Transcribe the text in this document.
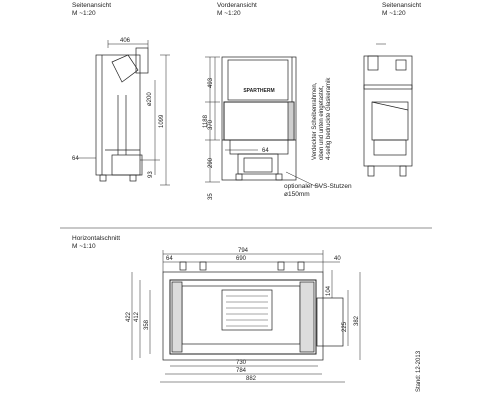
Seitenansicht
M ~1:20
Vorderansicht
M ~1:20
Seitenansicht
M ~1:20
Horizontalschnitt
M ~1:10
406
ø200
1099
93
64
493
370
290
1188
35
64
SPARTHERM
794
64	690	40
422 412
358
104
225
382
730
784
882
Verdeckter Scheibenrahmen, oben und unten eingetastet, 4-seitig bedruckte Glaskeramik
Stand: 12-2013
optionaler SVS-Stutzen
ø150mm
